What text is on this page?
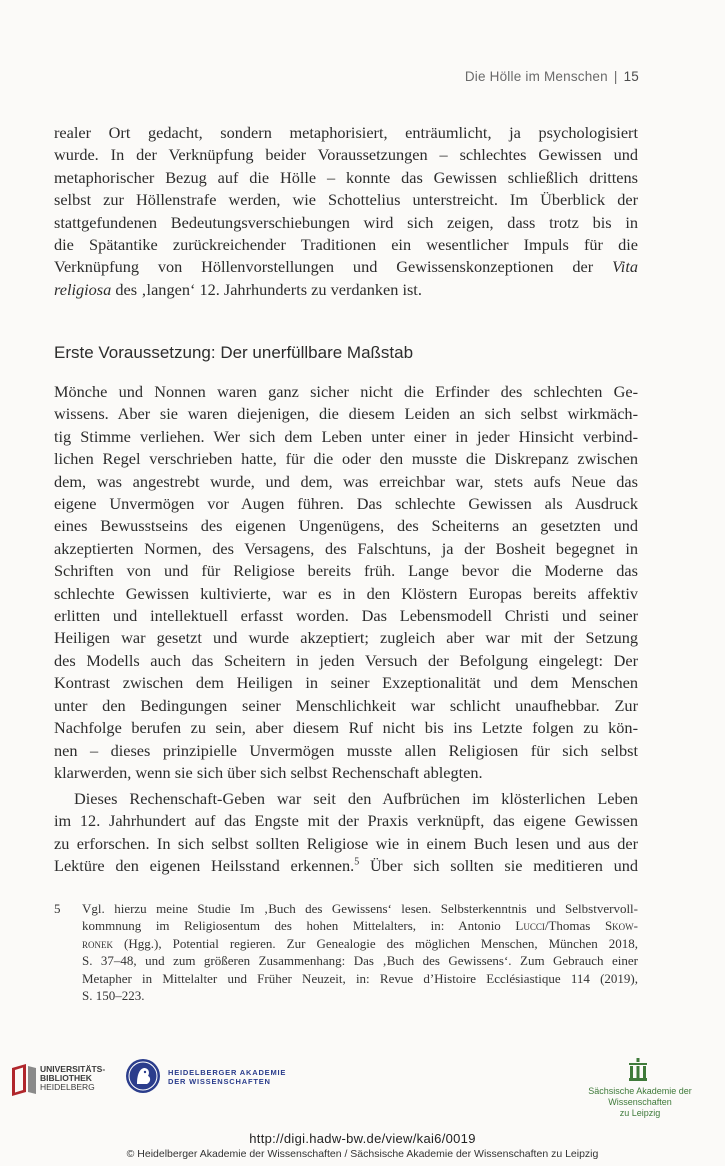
Die Hölle im Menschen | 15
realer Ort gedacht, sondern metaphorisiert, enträumlicht, ja psychologisiert
wurde. In der Verknüpfung beider Voraussetzungen – schlechtes Gewissen und
metaphorischer Bezug auf die Hölle – konnte das Gewissen schließlich drittens
selbst zur Höllenstrafe werden, wie Schottelius unterstreicht. Im Überblick der
stattgefundenen Bedeutungsverschiebungen wird sich zeigen, dass trotz bis in
die Spätantike zurückreichender Traditionen ein wesentlicher Impuls für die
Verknüpfung von Höllenvorstellungen und Gewissenskonzeptionen der Vita
religiosa des ‚langen‘ 12. Jahrhunderts zu verdanken ist.
Erste Voraussetzung: Der unerfüllbare Maßstab
Mönche und Nonnen waren ganz sicher nicht die Erfinder des schlechten Ge-
wissens. Aber sie waren diejenigen, die diesem Leiden an sich selbst wirkmäch-
tig Stimme verliehen. Wer sich dem Leben unter einer in jeder Hinsicht verbind-
lichen Regel verschrieben hatte, für die oder den musste die Diskrepanz zwischen
dem, was angestrebt wurde, und dem, was erreichbar war, stets aufs Neue das
eigene Unvermögen vor Augen führen. Das schlechte Gewissen als Ausdruck
eines Bewusstseins des eigenen Ungenügens, des Scheiterns an gesetzten und
akzeptierten Normen, des Versagens, des Falschtuns, ja der Bosheit begegnet in
Schriften von und für Religiose bereits früh. Lange bevor die Moderne das
schlechte Gewissen kultivierte, war es in den Klöstern Europas bereits affektiv
erlitten und intellektuell erfasst worden. Das Lebensmodell Christi und seiner
Heiligen war gesetzt und wurde akzeptiert; zugleich aber war mit der Setzung
des Modells auch das Scheitern in jeden Versuch der Befolgung eingelegt: Der
Kontrast zwischen dem Heiligen in seiner Exzeptionalität und dem Menschen
unter den Bedingungen seiner Menschlichkeit war schlicht unaufhebbar. Zur
Nachfolge berufen zu sein, aber diesem Ruf nicht bis ins Letzte folgen zu kön-
nen – dieses prinzipielle Unvermögen musste allen Religiosen für sich selbst
klarwerden, wenn sie sich über sich selbst Rechenschaft ablegten.
Dieses Rechenschaft-Geben war seit den Aufbrüchen im klösterlichen Leben
im 12. Jahrhundert auf das Engste mit der Praxis verknüpft, das eigene Gewissen
zu erforschen. In sich selbst sollten Religiose wie in einem Buch lesen und aus der
Lektüre den eigenen Heilsstand erkennen.$^5$ Über sich sollten sie meditieren und
5 Vgl. hierzu meine Studie Im ‚Buch des Gewissens‘ lesen. Selbsterkenntnis und Selbstvervoll-
kommnung im Religiosentum des hohen Mittelalters, in: Antonio Lucci/Thomas Skow-
ronek (Hgg.), Potential regieren. Zur Genealogie des möglichen Menschen, München 2018,
S. 37–48, und zum größeren Zusammenhang: Das ‚Buch des Gewissens‘. Zum Gebrauch einer
Metapher in Mittelalter und Früher Neuzeit, in: Revue d’Histoire Ecclésiastique 114 (2019),
S. 150–223.
UNIVERSITÄTS-
BIBLIOTHEK
HEIDELBERG
HEIDELBERGER AKADEMIE
DER WISSENSCHAFTEN
Sächsische Akademie der Wissenschaften
zu Leipzig
http://digi.hadw-bw.de/view/kai6/0019
© Heidelberger Akademie der Wissenschaften / Sächsische Akademie der Wissenschaften zu Leipzig
